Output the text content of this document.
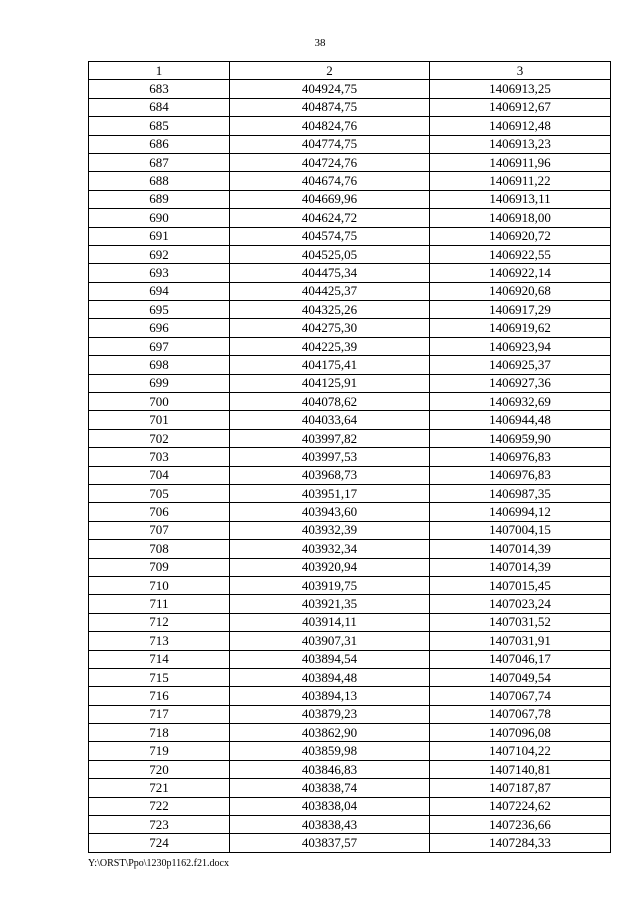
38
1	2	3
683	404924,75	1406913,25
684	404874,75	1406912,67
685	404824,76	1406912,48
686	404774,75	1406913,23
687	404724,76	1406911,96
688	404674,76	1406911,22
689	404669,96	1406913,11
690	404624,72	1406918,00
691	404574,75	1406920,72
692	404525,05	1406922,55
693	404475,34	1406922,14
694	404425,37	1406920,68
695	404325,26	1406917,29
696	404275,30	1406919,62
697	404225,39	1406923,94
698	404175,41	1406925,37
699	404125,91	1406927,36
700	404078,62	1406932,69
701	404033,64	1406944,48
702	403997,82	1406959,90
703	403997,53	1406976,83
704	403968,73	1406976,83
705	403951,17	1406987,35
706	403943,60	1406994,12
707	403932,39	1407004,15
708	403932,34	1407014,39
709	403920,94	1407014,39
710	403919,75	1407015,45
711	403921,35	1407023,24
712	403914,11	1407031,52
713	403907,31	1407031,91
714	403894,54	1407046,17
715	403894,48	1407049,54
716	403894,13	1407067,74
717	403879,23	1407067,78
718	403862,90	1407096,08
719	403859,98	1407104,22
720	403846,83	1407140,81
721	403838,74	1407187,87
722	403838,04	1407224,62
723	403838,43	1407236,66
724	403837,57	1407284,33
Y:\ORST\Ppo\1230p1162.f21.docx
